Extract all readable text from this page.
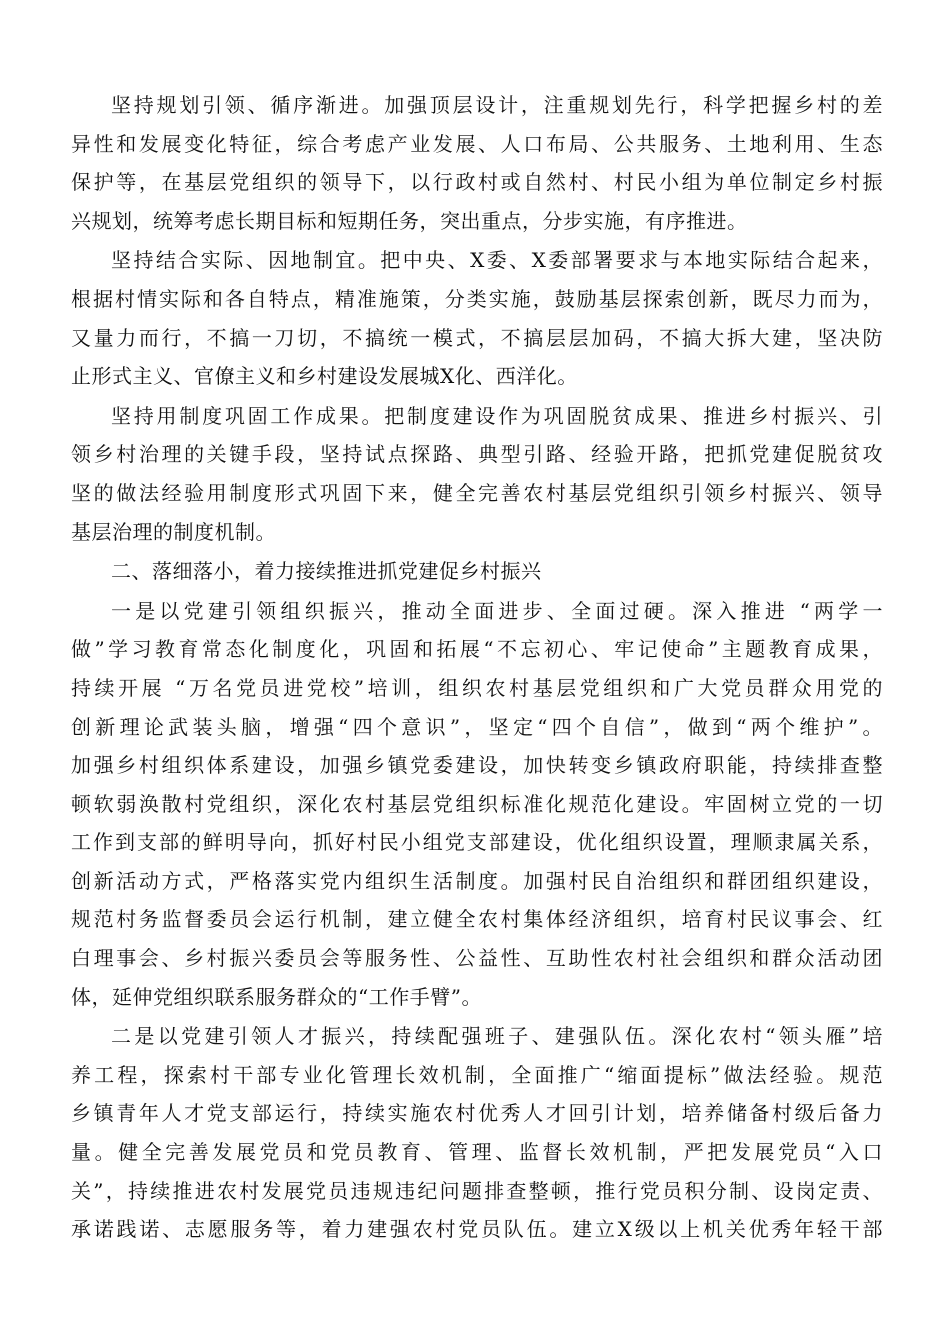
坚持规划引领、循序渐进。加强顶层设计，注重规划先行，科学把握乡村的差
异性和发展变化特征，综合考虑产业发展、人口布局、公共服务、土地利用、生态
保护等，在基层党组织的领导下，以行政村或自然村、村民小组为单位制定乡村振
兴规划，统筹考虑长期目标和短期任务，突出重点，分步实施，有序推进。
坚持结合实际、因地制宜。把中央、X委、X委部署要求与本地实际结合起来，
根据村情实际和各自特点，精准施策，分类实施，鼓励基层探索创新，既尽力而为，
又量力而行，不搞一刀切，不搞统一模式，不搞层层加码，不搞大拆大建，坚决防
止形式主义、官僚主义和乡村建设发展城X化、西洋化。
坚持用制度巩固工作成果。把制度建设作为巩固脱贫成果、推进乡村振兴、引
领乡村治理的关键手段，坚持试点探路、典型引路、经验开路，把抓党建促脱贫攻
坚的做法经验用制度形式巩固下来，健全完善农村基层党组织引领乡村振兴、领导
基层治理的制度机制。
二、落细落小，着力接续推进抓党建促乡村振兴
一是以党建引领组织振兴，推动全面进步、全面过硬。深入推进 “两学一
做”学习教育常态化制度化，巩固和拓展“不忘初心、牢记使命”主题教育成果，
持续开展 “万名党员进党校”培训，组织农村基层党组织和广大党员群众用党的
创新理论武装头脑，增强“四个意识”，坚定“四个自信”，做到“两个维护”。
加强乡村组织体系建设，加强乡镇党委建设，加快转变乡镇政府职能，持续排查整
顿软弱涣散村党组织，深化农村基层党组织标准化规范化建设。牢固树立党的一切
工作到支部的鲜明导向，抓好村民小组党支部建设，优化组织设置，理顺隶属关系，
创新活动方式，严格落实党内组织生活制度。加强村民自治组织和群团组织建设，
规范村务监督委员会运行机制，建立健全农村集体经济组织，培育村民议事会、红
白理事会、乡村振兴委员会等服务性、公益性、互助性农村社会组织和群众活动团
体，延伸党组织联系服务群众的“工作手臂”。
二是以党建引领人才振兴，持续配强班子、建强队伍。深化农村“领头雁”培
养工程，探索村干部专业化管理长效机制，全面推广“缩面提标”做法经验。规范
乡镇青年人才党支部运行，持续实施农村优秀人才回引计划，培养储备村级后备力
量。健全完善发展党员和党员教育、管理、监督长效机制，严把发展党员“入口
关”，持续推进农村发展党员违规违纪问题排查整顿，推行党员积分制、设岗定责、
承诺践诺、志愿服务等，着力建强农村党员队伍。建立X级以上机关优秀年轻干部
